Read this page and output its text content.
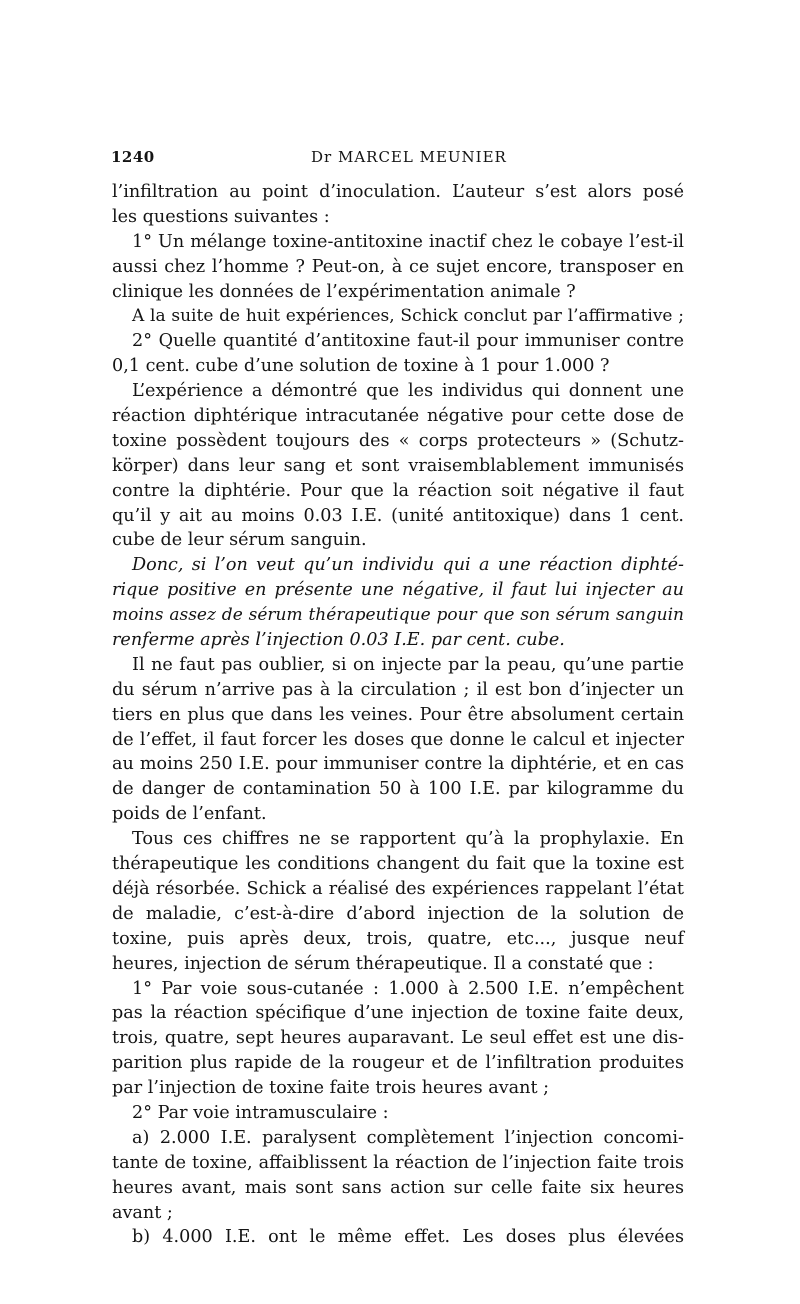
1240	Dr MARCEL MEUNIER
l’infiltration au point d’inoculation. L’auteur s’est alors posé
les questions suivantes :
1° Un mélange toxine-antitoxine inactif chez le cobaye l’est-il
aussi chez l’homme ? Peut-on, à ce sujet encore, transposer en
clinique les données de l’expérimentation animale ?
A la suite de huit expériences, Schick conclut par l’affirmative ;
2° Quelle quantité d’antitoxine faut-il pour immuniser contre
0,1 cent. cube d’une solution de toxine à 1 pour 1.000 ?
L’expérience a démontré que les individus qui donnent une
réaction diphtérique intracutanée négative pour cette dose de
toxine possèdent toujours des « corps protecteurs » (Schutz-
körper) dans leur sang et sont vraisemblablement immunisés
contre la diphtérie. Pour que la réaction soit négative il faut
qu’il y ait au moins 0.03 I.E. (unité antitoxique) dans 1 cent.
cube de leur sérum sanguin.
Donc, si l’on veut qu’un individu qui a une réaction diphté-
rique positive en présente une négative, il faut lui injecter au
moins assez de sérum thérapeutique pour que son sérum sanguin
renferme après l’injection 0.03 I.E. par cent. cube.
Il ne faut pas oublier, si on injecte par la peau, qu’une partie
du sérum n’arrive pas à la circulation ; il est bon d’injecter un
tiers en plus que dans les veines. Pour être absolument certain
de l’effet, il faut forcer les doses que donne le calcul et injecter
au moins 250 I.E. pour immuniser contre la diphtérie, et en cas
de danger de contamination 50 à 100 I.E. par kilogramme du
poids de l’enfant.
Tous ces chiffres ne se rapportent qu’à la prophylaxie. En
thérapeutique les conditions changent du fait que la toxine est
déjà résorbée. Schick a réalisé des expériences rappelant l’état
de maladie, c’est-à-dire d’abord injection de la solution de
toxine, puis après deux, trois, quatre, etc..., jusque neuf
heures, injection de sérum thérapeutique. Il a constaté que :
1° Par voie sous-cutanée : 1.000 à 2.500 I.E. n’empêchent
pas la réaction spécifique d’une injection de toxine faite deux,
trois, quatre, sept heures auparavant. Le seul effet est une dis-
parition plus rapide de la rougeur et de l’infiltration produites
par l’injection de toxine faite trois heures avant ;
2° Par voie intramusculaire :
a) 2.000 I.E. paralysent complètement l’injection concomi-
tante de toxine, affaiblissent la réaction de l’injection faite trois
heures avant, mais sont sans action sur celle faite six heures
avant ;
b) 4.000 I.E. ont le même effet. Les doses plus élevées
